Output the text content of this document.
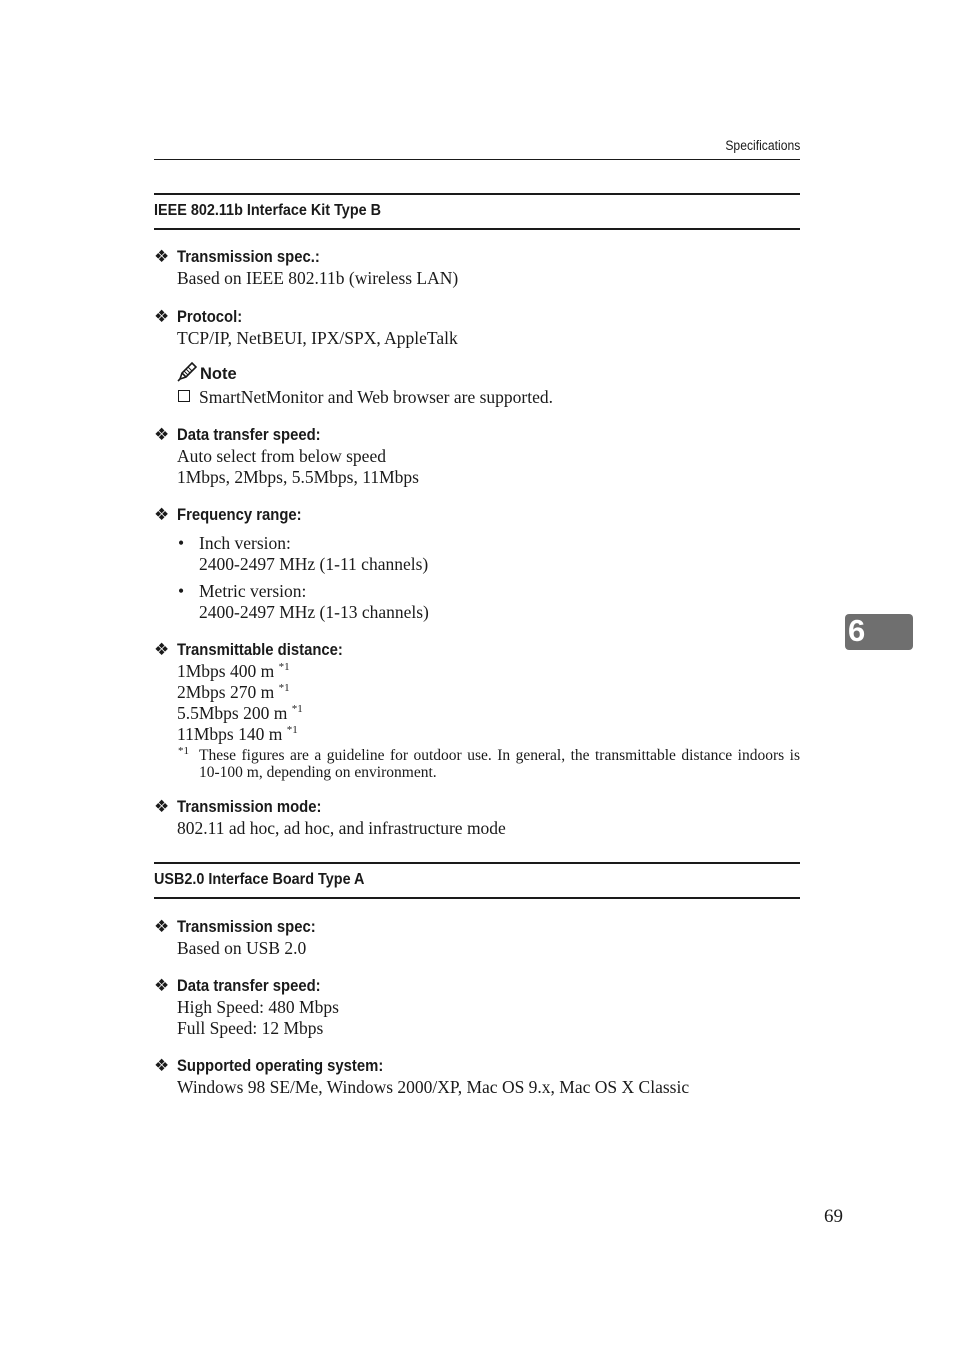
Specifications
IEEE 802.11b Interface Kit Type B
❖ Transmission spec.:
Based on IEEE 802.11b (wireless LAN)
❖ Protocol:
TCP/IP, NetBEUI, IPX/SPX, AppleTalk
Note
SmartNetMonitor and Web browser are supported.
❖ Data transfer speed:
Auto select from below speed
1Mbps, 2Mbps, 5.5Mbps, 11Mbps
❖ Frequency range:
• Inch version:
2400-2497 MHz (1-11 channels)
• Metric version:
2400-2497 MHz (1-13 channels)
❖ Transmittable distance:
1Mbps 400 m $^{*1}$
2Mbps 270 m $^{*1}$
5.5Mbps 200 m $^{*1}$
11Mbps 140 m $^{*1}$
*1 These figures are a guideline for outdoor use. In general, the transmittable distance indoors is 10-100 m, depending on environment.
❖ Transmission mode:
802.11 ad hoc, ad hoc, and infrastructure mode
USB2.0 Interface Board Type A
❖ Transmission spec:
Based on USB 2.0
❖ Data transfer speed:
High Speed: 480 Mbps
Full Speed: 12 Mbps
❖ Supported operating system:
Windows 98 SE/Me, Windows 2000/XP, Mac OS 9.x, Mac OS X Classic
6
69
